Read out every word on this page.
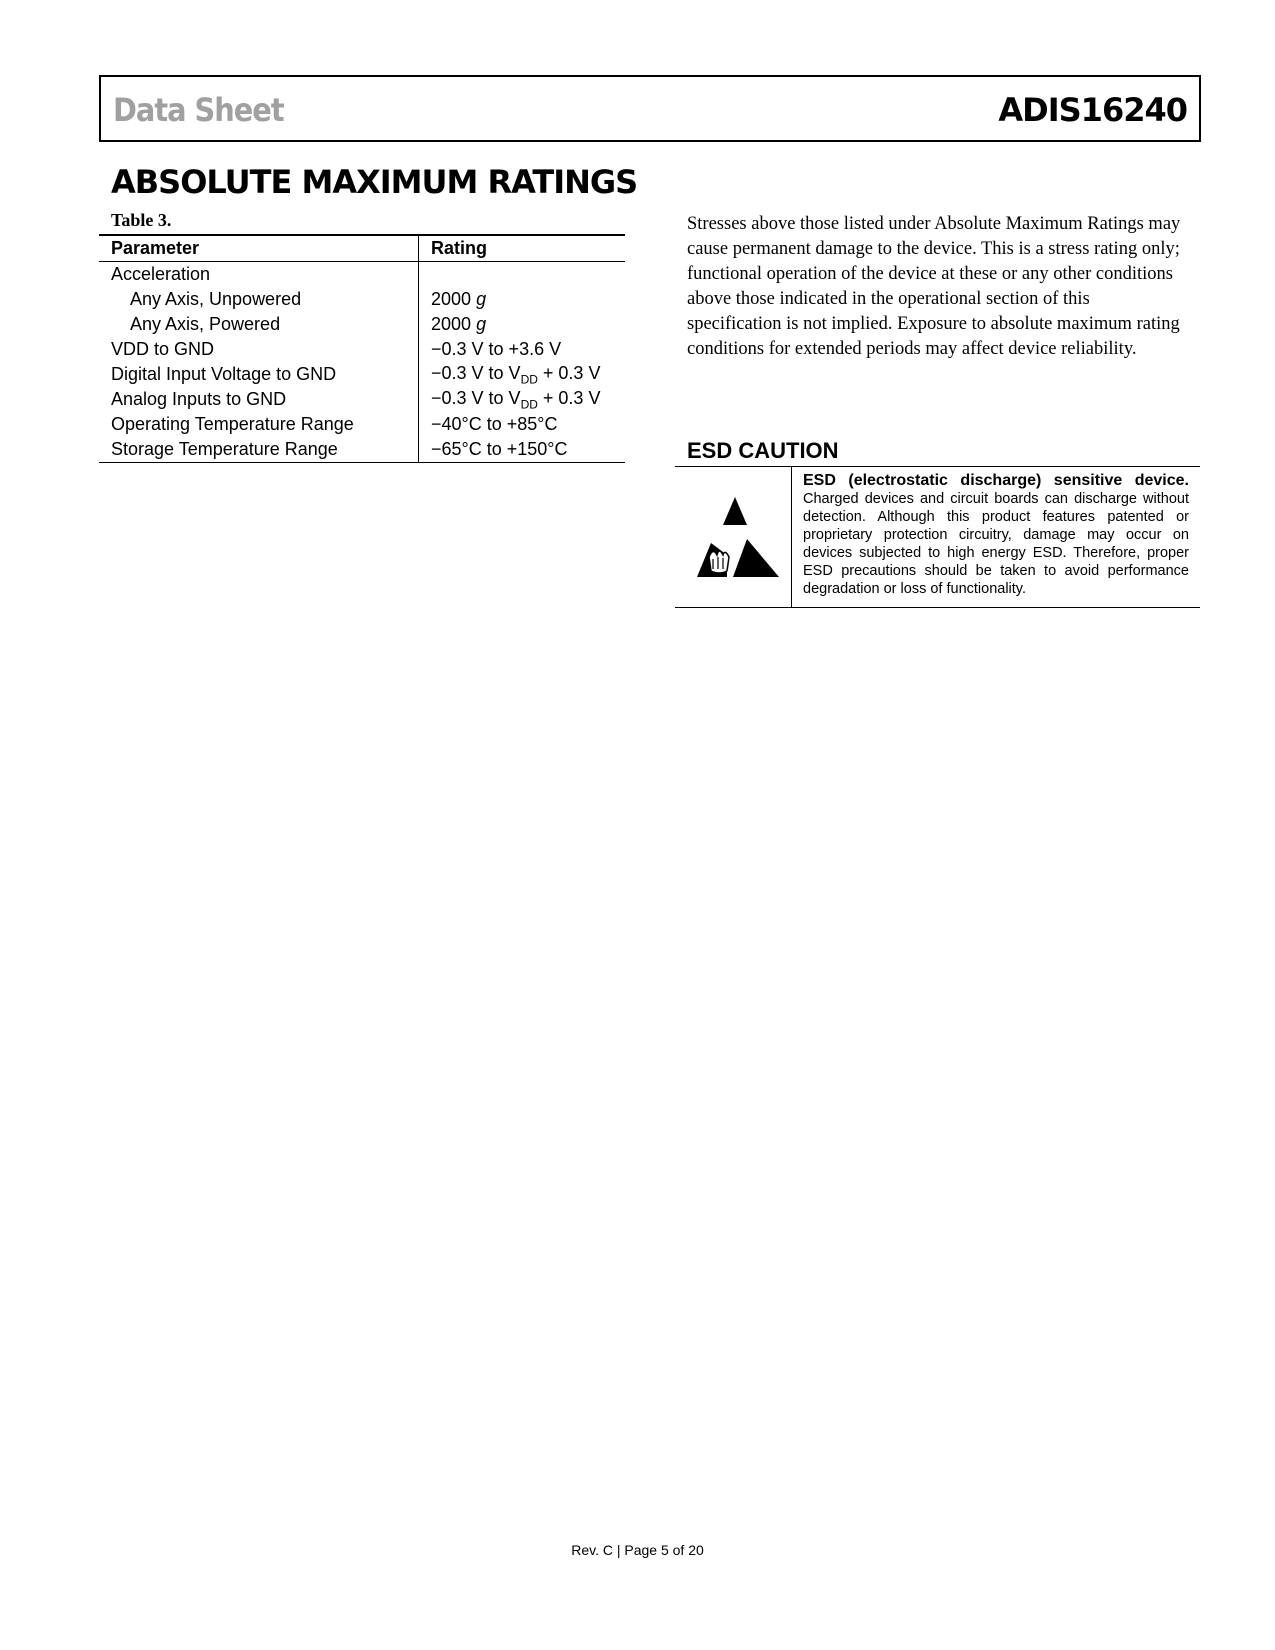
Data Sheet	ADIS16240
ABSOLUTE MAXIMUM RATINGS
Table 3.
Parameter	Rating
Acceleration	
Any Axis, Unpowered	2000 g
Any Axis, Powered	2000 g
VDD to GND	−0.3 V to +3.6 V
Digital Input Voltage to GND	−0.3 V to $V_{DD} + 0.3$ V
Analog Inputs to GND	−0.3 V to $V_{DD} + 0.3$ V
Operating Temperature Range	−40°C to +85°C
Storage Temperature Range	−65°C to +150°C
Stresses above those listed under Absolute Maximum Ratings may cause permanent damage to the device. This is a stress rating only; functional operation of the device at these or any other conditions above those indicated in the operational section of this specification is not implied. Exposure to absolute maximum rating conditions for extended periods may affect device reliability.
ESD CAUTION
ESD (electrostatic discharge) sensitive device. Charged devices and circuit boards can discharge without detection. Although this product features patented or proprietary protection circuitry, damage may occur on devices subjected to high energy ESD. Therefore, proper ESD precautions should be taken to avoid performance degradation or loss of functionality.
Rev. C | Page 5 of 20
